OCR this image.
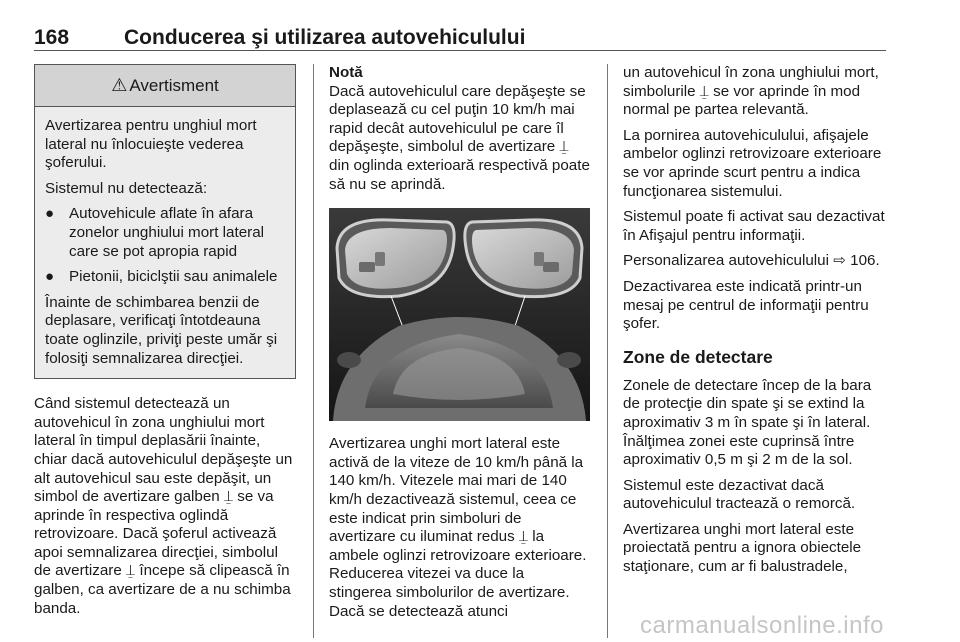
168	Conducerea şi utilizarea autovehiculului
⚠ Avertisment

Avertizarea pentru unghiul mort lateral nu înlocuieşte vederea şoferului.

Sistemul nu detectează:

● Autovehicule aflate în afara zonelor unghiului mort lateral care se pot apropia rapid

● Pietonii, biciclştii sau animalele

Înainte de schimbarea benzii de deplasare, verificaţi întotdeauna toate oglinzile, priviţi peste umăr şi folosiţi semnalizarea direcţiei.

Când sistemul detectează un autovehicul în zona unghiului mort lateral în timpul deplasării înainte, chiar dacă autovehiculul depăşeşte un alt autovehicul sau este depăşit, un simbol de avertizare galben ⍊ se va aprinde în respectiva oglindă retrovizoare. Dacă şoferul activează apoi semnalizarea direcţiei, simbolul de avertizare ⍊ începe să clipească în galben, ca avertizare de a nu schimba banda.

Notă

Dacă autovehiculul care depăşeşte se deplasează cu cel puţin 10 km/h mai rapid decât autovehiculul pe care îl depăşeşte, simbolul de avertizare ⍊ din oglinda exterioară respectivă poate să nu se aprindă.

Avertizarea unghi mort lateral este activă de la viteze de 10 km/h până la 140 km/h. Vitezele mai mari de 140 km/h dezactivează sistemul, ceea ce este indicat prin simboluri de avertizare cu iluminat redus ⍊ la ambele oglinzi retrovizoare exterioare. Reducerea vitezei va duce la stingerea simbolurilor de avertizare. Dacă se detectează atunci

un autovehicul în zona unghiului mort, simbolurile ⍊ se vor aprinde în mod normal pe partea relevantă.

La pornirea autovehiculului, afişajele ambelor oglinzi retrovizoare exterioare se vor aprinde scurt pentru a indica funcţionarea sistemului.

Sistemul poate fi activat sau dezactivat în Afişajul pentru informaţii.

Personalizarea autovehiculului ⇨ 106.

Dezactivarea este indicată printr-un mesaj pe centrul de informaţii pentru şofer.

Zone de detectare

Zonele de detectare încep de la bara de protecţie din spate şi se extind la aproximativ 3 m în spate şi în lateral. Înălţimea zonei este cuprinsă între aproximativ 0,5 m şi 2 m de la sol.

Sistemul este dezactivat dacă autovehiculul tractează o remorcă.

Avertizarea unghi mort lateral este proiectată pentru a ignora obiectele staţionare, cum ar fi balustradele,

carmanualsonline.info
